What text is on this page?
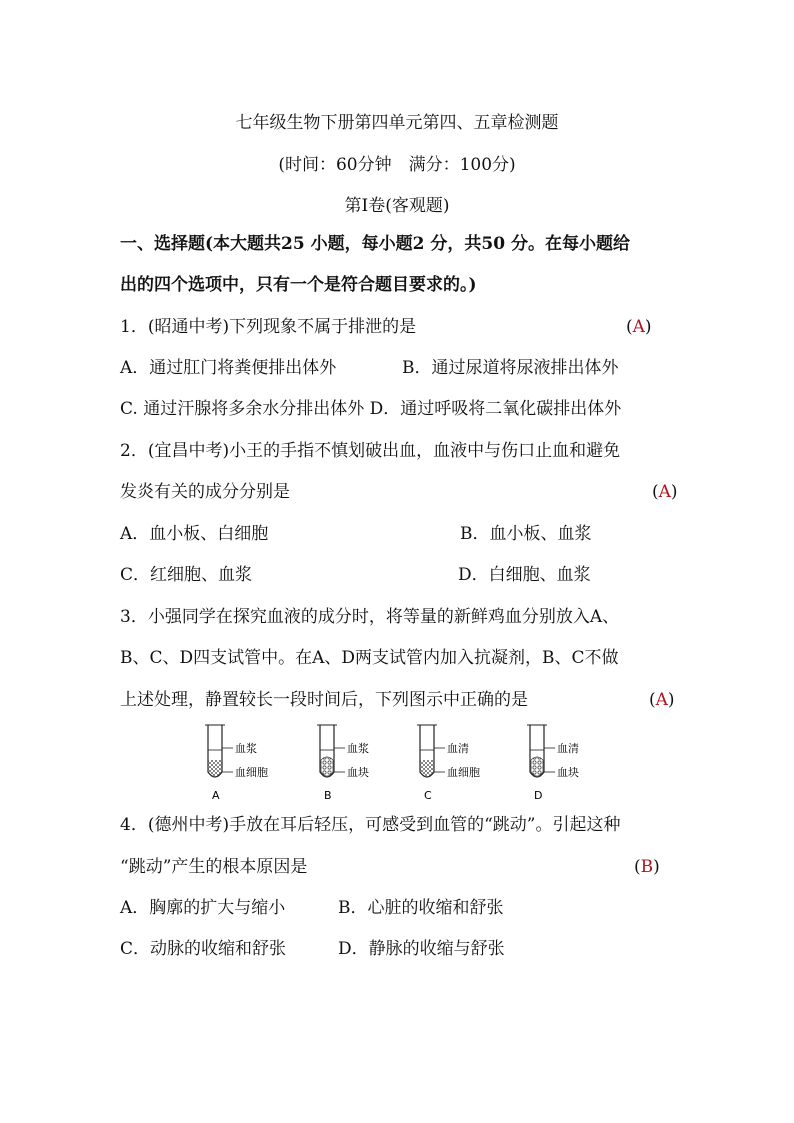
七年级生物下册第四单元第四、五章检测题
(时间：60分钟　满分：100分)
第Ⅰ卷(客观题)
一、选择题(本大题共25 小题，每小题2 分，共50 分。在每小题给
出的四个选项中，只有一个是符合题目要求的。)
1．(昭通中考)下列现象不属于排泄的是	(A)
A．通过肛门将粪便排出体外	B．通过尿道将尿液排出体外
C. 通过汗腺将多余水分排出体外 D．通过呼吸将二氧化碳排出体外
2．(宜昌中考)小王的手指不慎划破出血，血液中与伤口止血和避免
发炎有关的成分分别是	(A)
A．血小板、白细胞	B．血小板、血浆
C．红细胞、血浆	D．白细胞、血浆
3．小强同学在探究血液的成分时，将等量的新鲜鸡血分别放入A、
B、C、D四支试管中。在A、D两支试管内加入抗凝剂，B、C不做
上述处理，静置较长一段时间后，下列图示中正确的是	(A)
血浆
血细胞
A
血浆
血块
B
血清
血细胞
C
血清
血块
D
4．(德州中考)手放在耳后轻压，可感受到血管的“跳动”。引起这种
“跳动”产生的根本原因是	(B)
A．胸廓的扩大与缩小	B．心脏的收缩和舒张
C．动脉的收缩和舒张	D．静脉的收缩与舒张
